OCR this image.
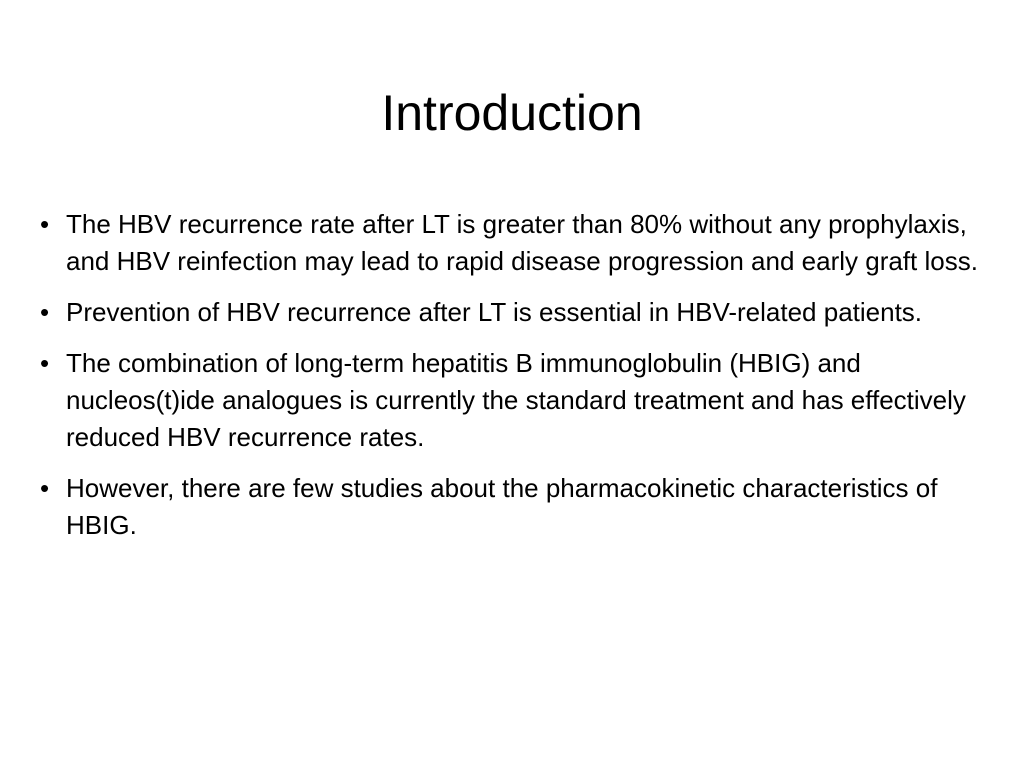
Introduction
• The HBV recurrence rate after LT is greater than 80% without any prophylaxis, and HBV reinfection may lead to rapid disease progression and early graft loss.
• Prevention of HBV recurrence after LT is essential in HBV-related patients.
• The combination of long-term hepatitis B immunoglobulin (HBIG) and nucleos(t)ide analogues is currently the standard treatment and has effectively reduced HBV recurrence rates.
• However, there are few studies about the pharmacokinetic characteristics of HBIG.
